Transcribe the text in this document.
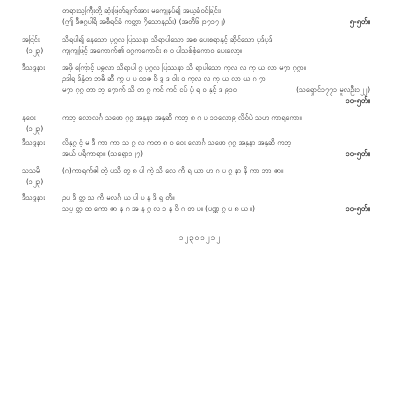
တရားသူကြီးတို့ ဆုံးဖြတ်ချက်အား မကျေနပ်၍ အယူခံဝင်ခြင်း၊
(ဤ ဒီဇဂ္ဂပါရိ အစီရင်ခံ ကတ္တာ ၇ိသောနည်း) (အတိ၆၂၁၇၁၇၂)	၅-၅တ်။
အငြင်း	သိရပါ၍ နေသော ပုဂ္ဂလ ပြဿနာ သိရာပါသော အစ ပေးစရာနှင့် ဆိုင်သော ပုဒ်ပုဒ်
(၁၂၃)	ကျကျဖြင့် အကောက်၏ ဝဂ္ဂကကောင်း ၈ ဝ ပါသစ်စုံကောဝ ပေးလော့။
ဒီသဒ္ဒနား	အဖို ကြောင့် ပဓ္ဓလာ သိရာပါ ဂ္ဂ ပုဂ္ဂလ ပြဿနာ သိ ရာပါသော ကုလ လ ကု ယ လာ မ၇ာ ဂုဂ္ဂာ။
ဥဒါရ ဒ်နှုံတ ဘဓိ ဆီ ကွ ပ ပ ၀၁ဇ ဝိ ဒ္ဒ ဒ ဝါး ဝ ကုလ လ ကု ယ လာ ယ ဂ ၇ာ
မ၇ာ ဂုဂ္ဂ တာ ဘူ ၇ောက် သိ တ ဂ္ဂ ကင် ကင် ငပ် ပုံ ရ ၀ နှင့် ဒ ၉၁၀	(သရှောင်၁၇၇၁ မူလဦး၁၂၂)
၁၀-၅တ်။
နဝေး	ကဘူ လောလင်္ဂ သဖော ဂုဂ္ဂ အနုနာ အနုဆိ ကဘူ ၈ ဂ ပ ၁၁လော၉ လိဝ်ပဲ သဟ ကာရကော။
(၁၂၃)
ဒီသဒ္ဒနား	လိနုဂ္ဂ ငံ့ မ ဒီ ကာ ကာ သ ဂ္ဂ လ ကတ ၈ ဝ ဝေး လောင်္ဂ သဖော ဂုဂ္ဂ အနုနာ အနုဆိ ကဘူ
အယ် ပရိကာရာ။ (သရှော၁၂၇)	၁၀-၅တ်။
သသမိ	(ဂ)ကာရက်ဇါ တဲ့ ပသိ တွ ၈ ပါ ကဲ့ သိ လေ ကိ ရ ယာ ဟ ဂ ပ ဂ္ဂ နာ နိ ကာ ဘာ ဇာ။
(၁၂၃)
ဒီသဒ္ဒနား	ဥပ ဒိ တ္တ သ ကိ မလင်္ဂ ယ ပါ ပ န ဒိ ရှ တိ။
သပ္ပ တ္တ ထ ကော ဇာ န ဂ အ န ဂ္ဂ လ ၁ န ဝိ ဂ တ ပ။ (ပဏ္ဏ ဂ္ဂ ပ ၈ ယ ။)	၁၀-၅တ်။
၁၂၃၀၁၂၁၂
